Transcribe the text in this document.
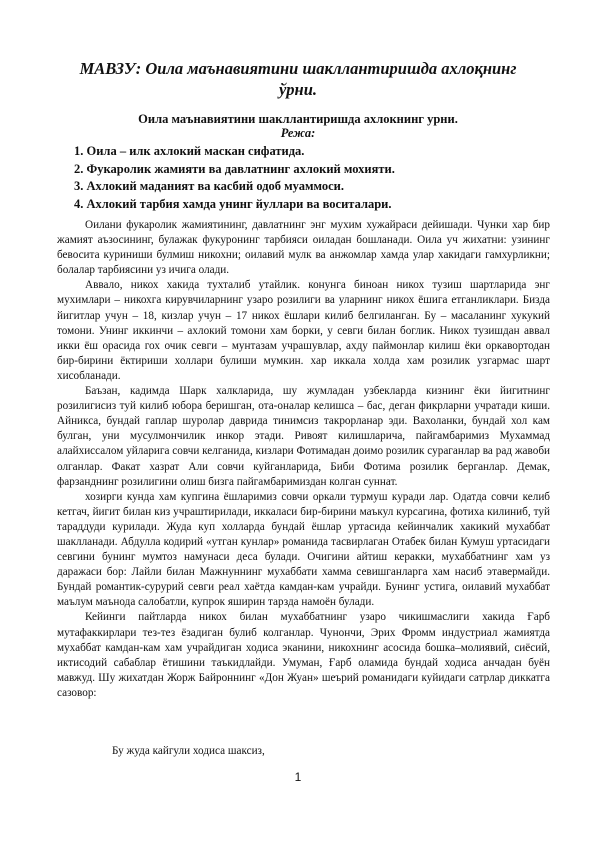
МАВЗУ: Оила маънавиятини шакллантиришда ахлоқнинг ўрни.
Оила маънавиятини шакллантиришда ахлокнинг урни.
Режа:
1. Оила – илк ахлокий маскан сифатида.
2. Фукаролик жамияти ва давлатнинг ахлокий мохияти.
3. Ахлокий маданият ва касбий одоб муаммоси.
4. Ахлокий тарбия хамда унинг йуллари ва воситалари.

Оилани фукаролик жамиятининг, давлатнинг энг мухим хужайраси дейишади. Чунки хар бир жамият аъзосининг, булажак фукуронинг тарбияси оиладан бошланади. Оила уч жихатни: узининг бевосита куриниши булмиш никохни; оилавий мулк ва анжомлар хамда улар хакидаги гамхурликни; болалар тарбиясини уз ичига олади.

Аввало, никох хакида тухталиб утайлик. конунга биноан никох тузиш шартларида энг мухимлари – никохга кирувчиларнинг узаро розилиги ва уларнинг никох ёшига етганликлари. Бизда йигитлар учун – 18, кизлар учун – 17 никох ёшлари килиб белгиланган. Бу – масаланинг хукукий томони. Унинг иккинчи – ахлокий томони хам борки, у севги билан боглик. Никох тузишдан аввал икки ёш орасида гох очик севги – мунтазам учрашувлар, ахду паймонлар килиш ёки оркавортодан бир-бирини ёктириши холлари булиши мумкин. хар иккала холда хам розилик узгармас шарт хисобланади.

Баъзан, кадимда Шарк халкларида, шу жумладан узбекларда кизнинг ёки йигитнинг розилигисиз туй килиб юбора беришган, ота-оналар келишса – бас, деган фикрларни учратади киши. Айникса, бундай гаплар шуролар даврида тинимсиз такрорланар эди. Вахоланки, бундай хол кам булган, уни мусулмончилик инкор этади. Ривоят килишларича, пайгамбаримиз Мухаммад алайхиссалом уйларига совчи келганида, кизлари Фотимадан доимо розилик сураганлар ва рад жавоби олганлар. Факат хазрат Али совчи куйганларида, Биби Фотима розилик берганлар. Демак, фарзанднинг розилигини олиш бизга пайгамбаримиздан колган суннат.

хозирги кунда хам купгина ёшларимиз совчи оркали турмуш куради лар. Одатда совчи келиб кетгач, йигит билан киз учраштирилади, иккаласи бир-бирини маъкул курсагина, фотиха килиниб, туй тараддуди курилади. Жуда куп холларда бундай ёшлар уртасида кейинчалик хакикий мухаббат шаклланади. Абдулла кодирий «утган кунлар» романида тасвирлаган Отабек билан Кумуш уртасидаги севгини бунинг мумтоз намунаси деса булади. Очигини айтиш керакки, мухаббатнинг хам уз даражаси бор: Лайли билан Мажнуннинг мухаббати хамма севишганларга хам насиб этавермайди. Бундай романтик-сурурий севги реал хаётда камдан-кам учрайди. Бунинг устига, оилавий мухаббат маълум маънода салобатли, купрок яширин тарзда намоён булади.

Кейинги пайтларда никох билан мухаббатнинг узаро чикишмаслиги хакида Ғарб мутафаккирлари тез-тез ёзадиган булиб колганлар. Чунончи, Эрих Фромм индустриал жамиятда мухаббат камдан-кам хам учрайдиган ходиса эканини, никохнинг асосида бошка–молиявий, сиёсий, иктисодий сабаблар ётишини таъкидлайди. Умуман, Ғарб оламида бундай ходиса анчадан буён мавжуд. Шу жихатдан Жорж Байроннинг «Дон Жуан» шеърий романидаги куйидаги сатрлар диккатга сазовор:

Бу жуда кайгули ходиса шаксиз,
1
